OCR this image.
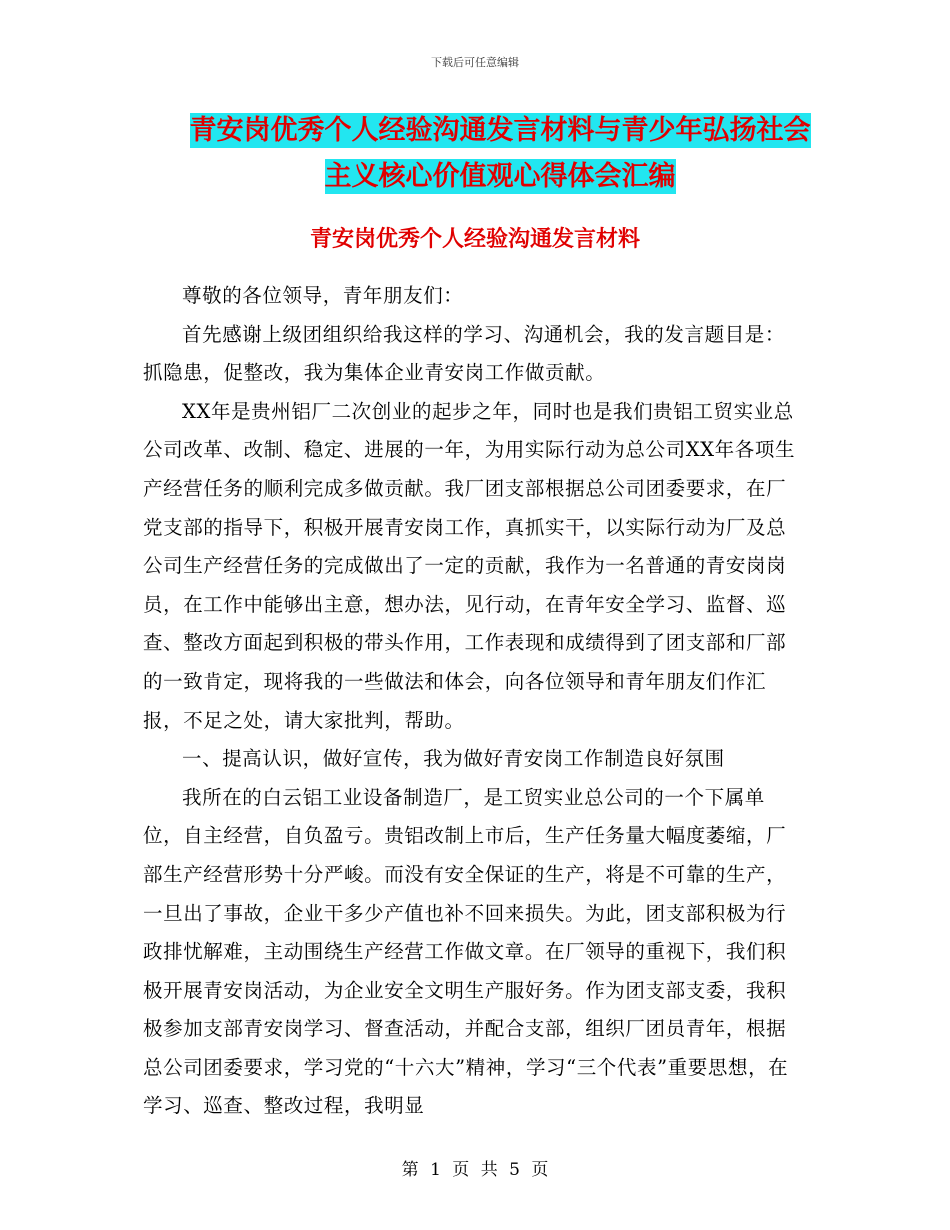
下载后可任意编辑
青安岗优秀个人经验沟通发言材料与青少年弘扬社会
主义核心价值观心得体会汇编
青安岗优秀个人经验沟通发言材料

尊敬的各位领导，青年朋友们：

首先感谢上级团组织给我这样的学习、沟通机会，我的发言题目是：抓隐患，促整改，我为集体企业青安岗工作做贡献。

XX年是贵州铝厂二次创业的起步之年，同时也是我们贵铝工贸实业总公司改革、改制、稳定、进展的一年，为用实际行动为总公司XX年各项生产经营任务的顺利完成多做贡献。我厂团支部根据总公司团委要求，在厂党支部的指导下，积极开展青安岗工作，真抓实干，以实际行动为厂及总公司生产经营任务的完成做出了一定的贡献，我作为一名普通的青安岗岗员，在工作中能够出主意，想办法，见行动，在青年安全学习、监督、巡查、整改方面起到积极的带头作用，工作表现和成绩得到了团支部和厂部的一致肯定，现将我的一些做法和体会，向各位领导和青年朋友们作汇报，不足之处，请大家批判，帮助。

一、提高认识，做好宣传，我为做好青安岗工作制造良好氛围

我所在的白云铝工业设备制造厂，是工贸实业总公司的一个下属单位，自主经营，自负盈亏。贵铝改制上市后，生产任务量大幅度萎缩，厂部生产经营形势十分严峻。而没有安全保证的生产，将是不可靠的生产，一旦出了事故，企业干多少产值也补不回来损失。为此，团支部积极为行政排忧解难，主动围绕生产经营工作做文章。在厂领导的重视下，我们积极开展青安岗活动，为企业安全文明生产服好务。作为团支部支委，我积极参加支部青安岗学习、督查活动，并配合支部，组织厂团员青年，根据总公司团委要求，学习党的“十六大”精神，学习“三个代表”重要思想，在学习、巡查、整改过程，我明显

第 1 页 共 5 页
